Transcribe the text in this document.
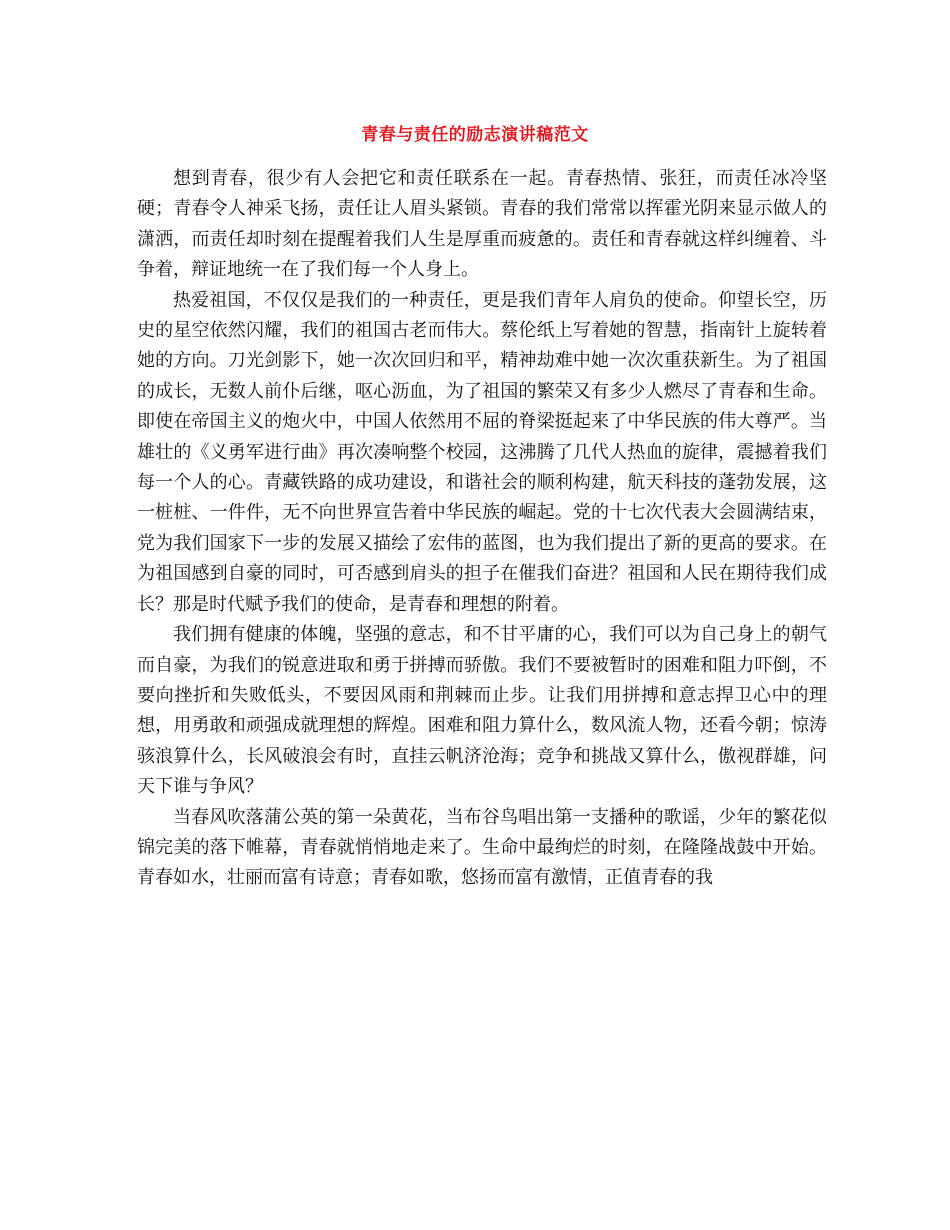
青春与责任的励志演讲稿范文

想到青春，很少有人会把它和责任联系在一起。青春热情、张狂，而责任冰冷坚硬；青春令人神采飞扬，责任让人眉头紧锁。青春的我们常常以挥霍光阴来显示做人的潇洒，而责任却时刻在提醒着我们人生是厚重而疲惫的。责任和青春就这样纠缠着、斗争着，辩证地统一在了我们每一个人身上。

热爱祖国，不仅仅是我们的一种责任，更是我们青年人肩负的使命。仰望长空，历史的星空依然闪耀，我们的祖国古老而伟大。蔡伦纸上写着她的智慧，指南针上旋转着她的方向。刀光剑影下，她一次次回归和平，精神劫难中她一次次重获新生。为了祖国的成长，无数人前仆后继，呕心沥血，为了祖国的繁荣又有多少人燃尽了青春和生命。即使在帝国主义的炮火中，中国人依然用不屈的脊梁挺起来了中华民族的伟大尊严。当雄壮的《义勇军进行曲》再次凑响整个校园，这沸腾了几代人热血的旋律，震撼着我们每一个人的心。青藏铁路的成功建设，和谐社会的顺利构建，航天科技的蓬勃发展，这一桩桩、一件件，无不向世界宣告着中华民族的崛起。党的十七次代表大会圆满结束，党为我们国家下一步的发展又描绘了宏伟的蓝图，也为我们提出了新的更高的要求。在为祖国感到自豪的同时，可否感到肩头的担子在催我们奋进？祖国和人民在期待我们成长？那是时代赋予我们的使命，是青春和理想的附着。

我们拥有健康的体魄，坚强的意志，和不甘平庸的心，我们可以为自己身上的朝气而自豪，为我们的锐意进取和勇于拼搏而骄傲。我们不要被暂时的困难和阻力吓倒，不要向挫折和失败低头，不要因风雨和荆棘而止步。让我们用拼搏和意志捍卫心中的理想，用勇敢和顽强成就理想的辉煌。困难和阻力算什么，数风流人物，还看今朝；惊涛骇浪算什么，长风破浪会有时，直挂云帆济沧海；竞争和挑战又算什么，傲视群雄，问天下谁与争风？

当春风吹落蒲公英的第一朵黄花，当布谷鸟唱出第一支播种的歌谣，少年的繁花似锦完美的落下帷幕，青春就悄悄地走来了。生命中最绚烂的时刻，在隆隆战鼓中开始。青春如水，壮丽而富有诗意；青春如歌，悠扬而富有激情，正值青春的我
